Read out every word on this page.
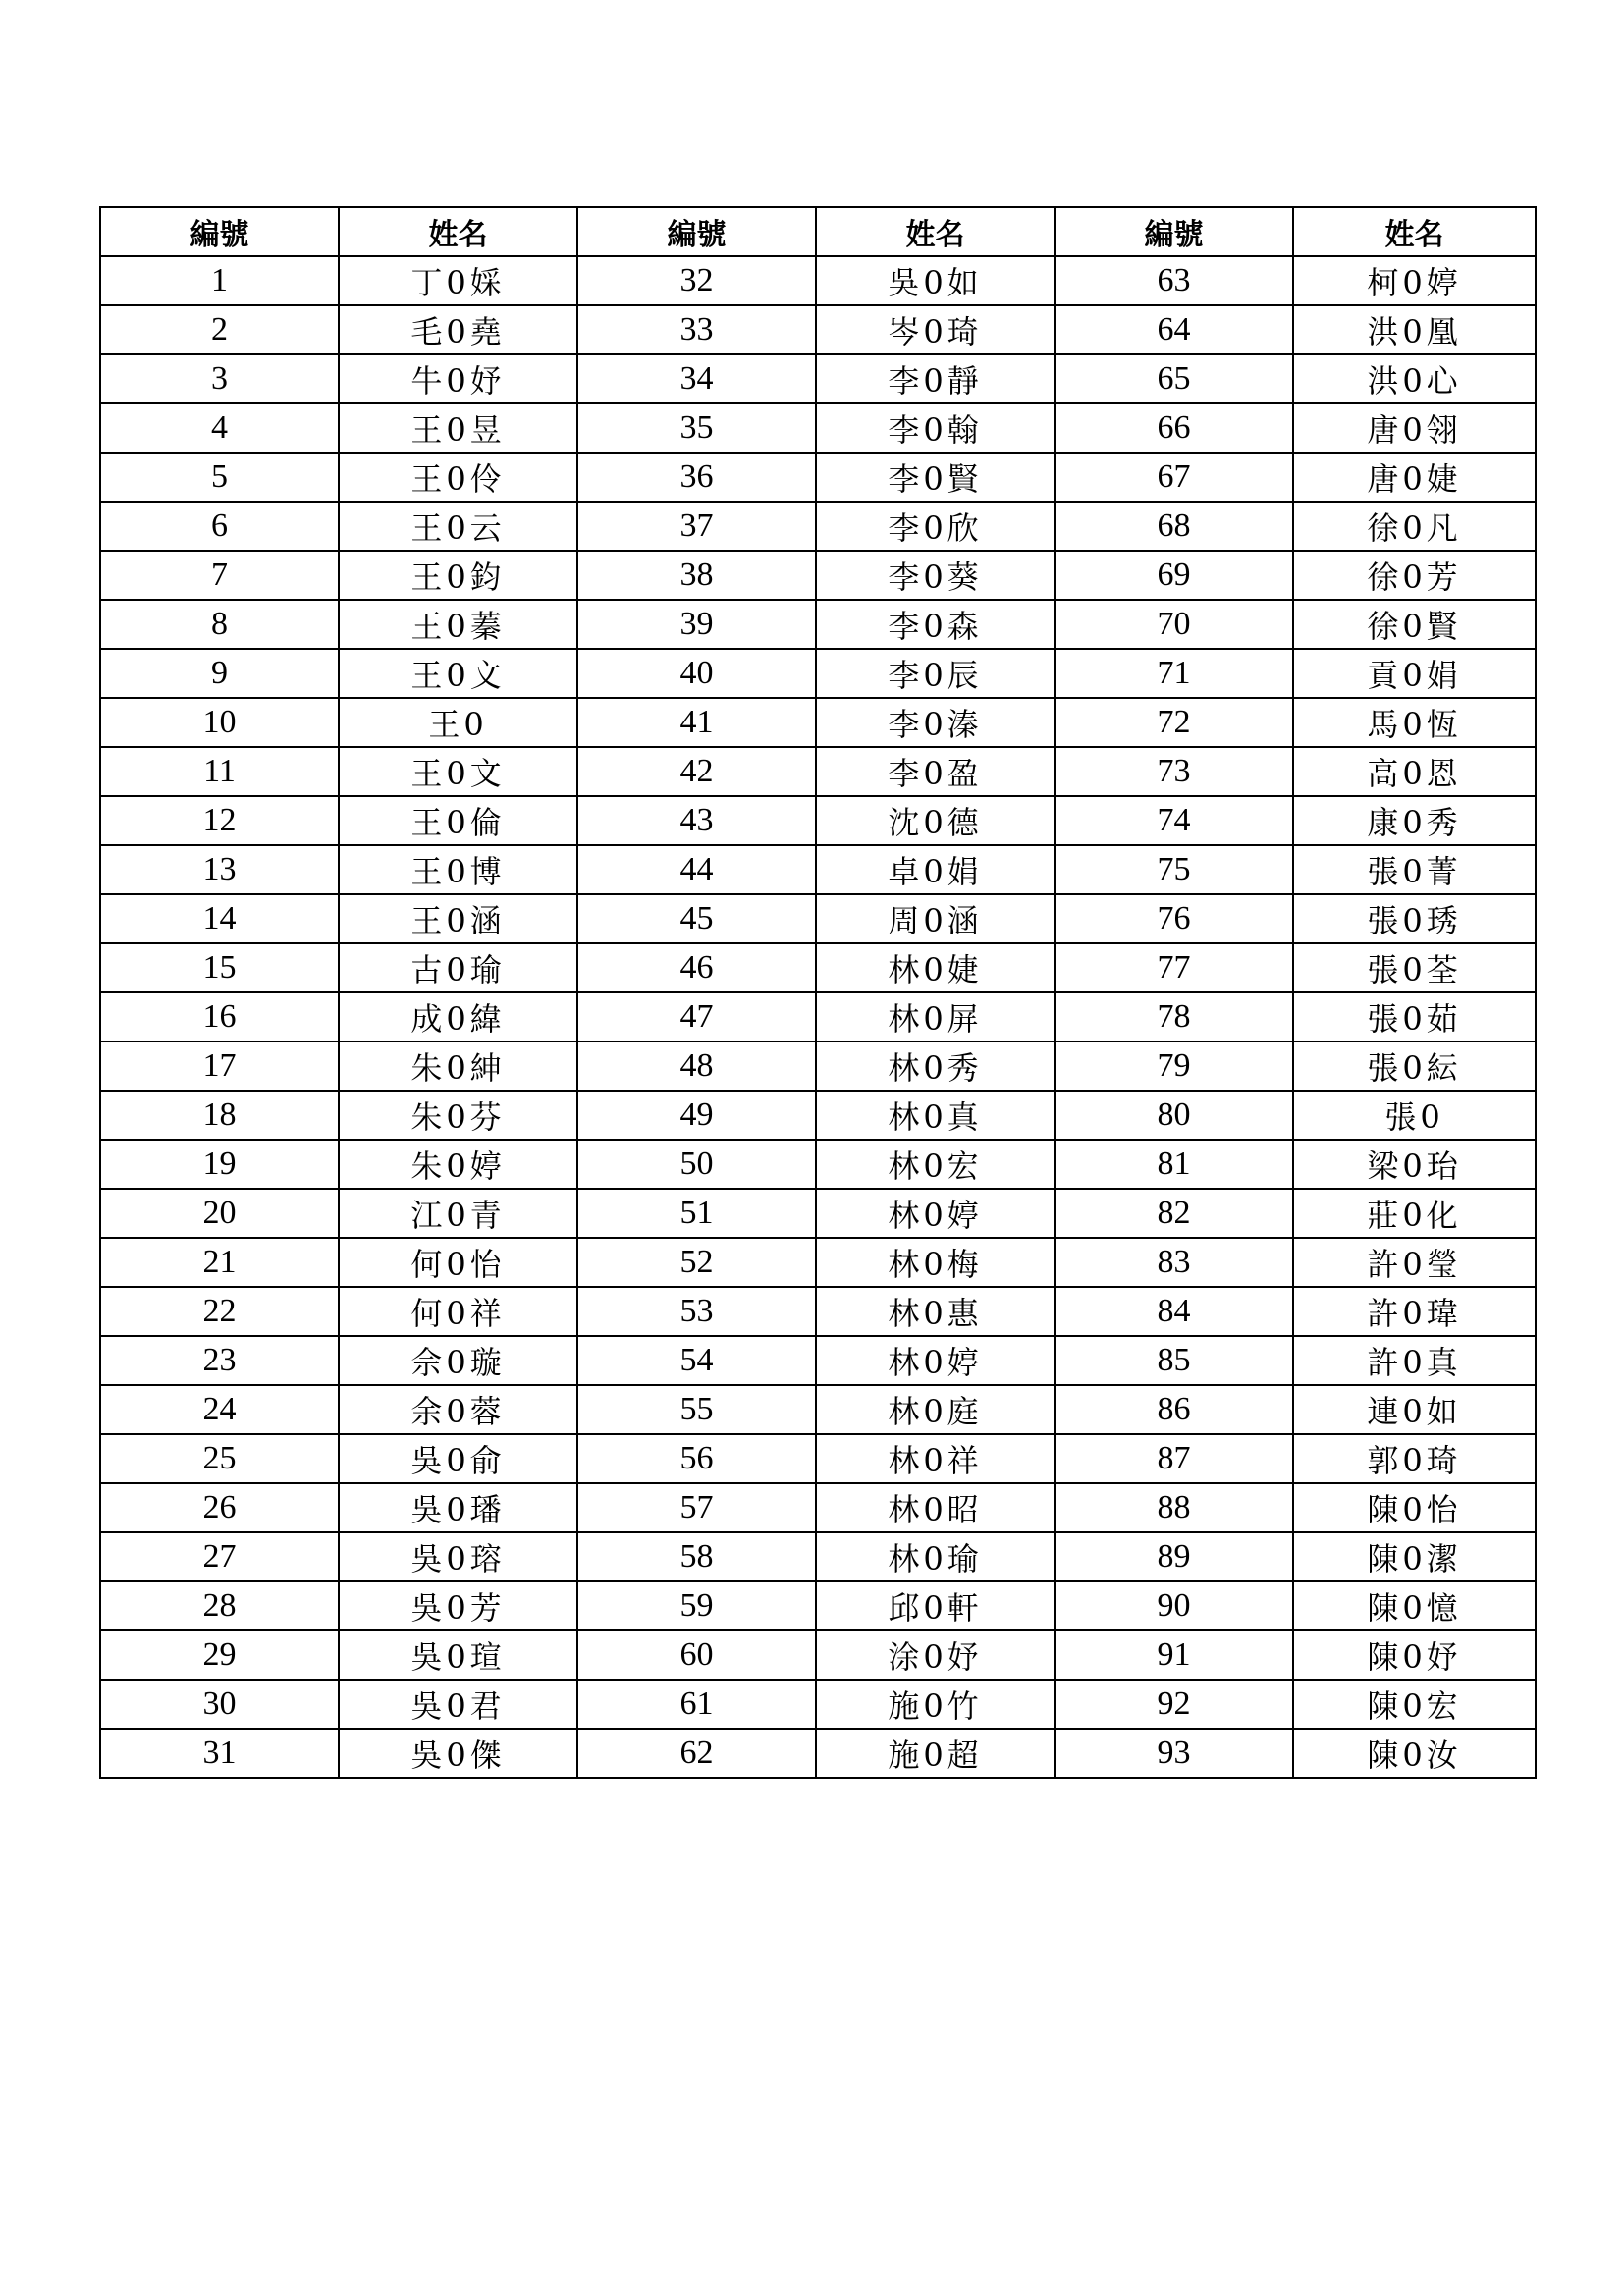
編號	姓名	編號	姓名	編號	姓名
1	丁0婇	32	吳0如	63	柯0婷
2	毛0堯	33	岑0琦	64	洪0凰
3	牛0妤	34	李0靜	65	洪0心
4	王0昱	35	李0翰	66	唐0翎
5	王0伶	36	李0賢	67	唐0婕
6	王0云	37	李0欣	68	徐0凡
7	王0鈞	38	李0葵	69	徐0芳
8	王0蓁	39	李0森	70	徐0賢
9	王0文	40	李0辰	71	貢0娟
10	王0	41	李0溱	72	馬0恆
11	王0文	42	李0盈	73	高0恩
12	王0倫	43	沈0德	74	康0秀
13	王0博	44	卓0娟	75	張0菁
14	王0涵	45	周0涵	76	張0琇
15	古0瑜	46	林0婕	77	張0荃
16	成0緯	47	林0屏	78	張0茹
17	朱0紳	48	林0秀	79	張0紜
18	朱0芬	49	林0真	80	張0
19	朱0婷	50	林0宏	81	梁0珆
20	江0青	51	林0婷	82	莊0化
21	何0怡	52	林0梅	83	許0瑩
22	何0祥	53	林0惠	84	許0瑋
23	佘0璇	54	林0婷	85	許0真
24	余0蓉	55	林0庭	86	連0如
25	吳0俞	56	林0祥	87	郭0琦
26	吳0璠	57	林0昭	88	陳0怡
27	吳0瑢	58	林0瑜	89	陳0潔
28	吳0芳	59	邱0軒	90	陳0憶
29	吳0瑄	60	涂0妤	91	陳0妤
30	吳0君	61	施0竹	92	陳0宏
31	吳0傑	62	施0超	93	陳0汝
